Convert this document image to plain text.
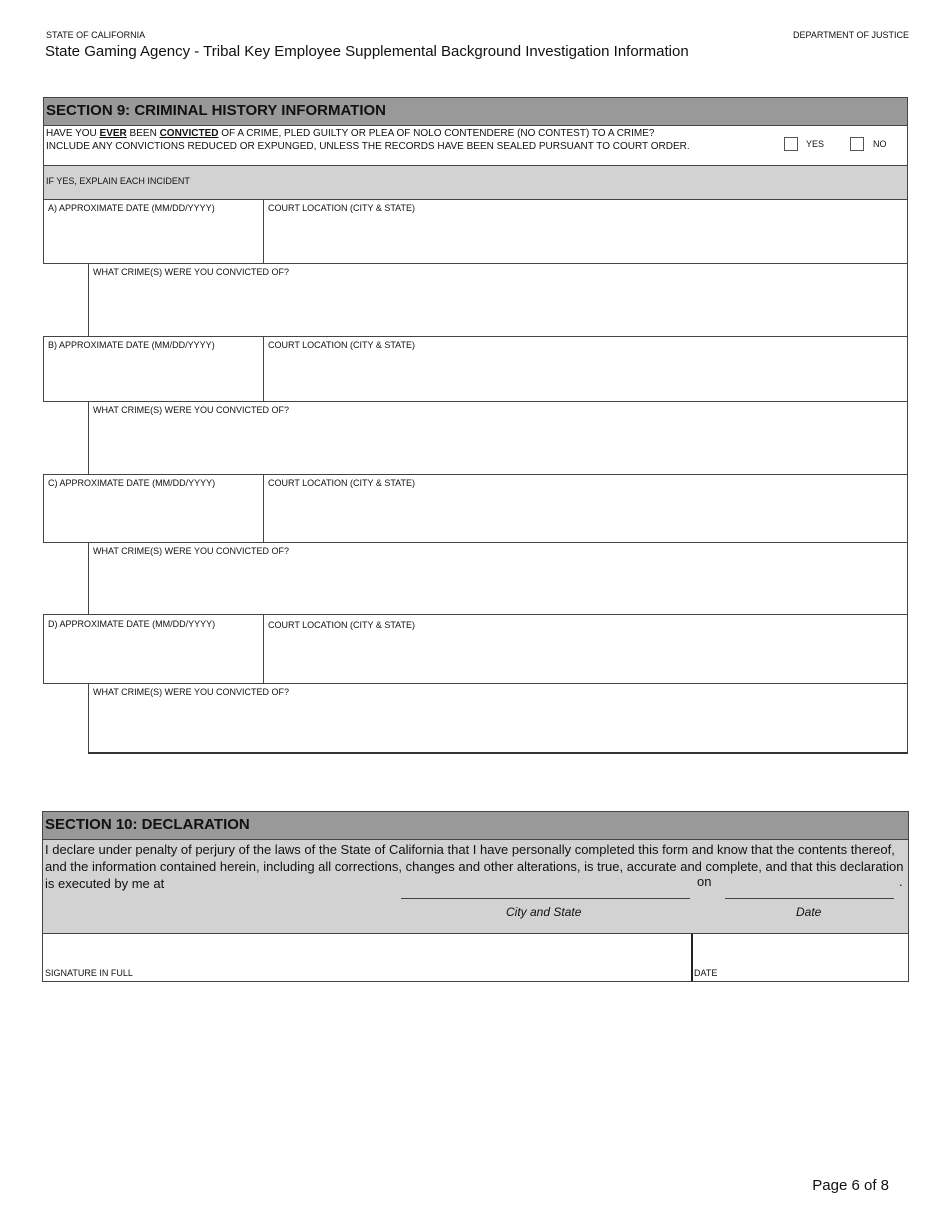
STATE OF CALIFORNIA	DEPARTMENT OF JUSTICE
State Gaming Agency - Tribal Key Employee Supplemental Background Investigation Information
SECTION 9: CRIMINAL HISTORY INFORMATION
HAVE YOU EVER BEEN CONVICTED OF A CRIME, PLED GUILTY OR PLEA OF NOLO CONTENDERE (NO CONTEST) TO A CRIME?
INCLUDE ANY CONVICTIONS REDUCED OR EXPUNGED, UNLESS THE RECORDS HAVE BEEN SEALED PURSUANT TO COURT ORDER.	YES	NO
IF YES, EXPLAIN EACH INCIDENT
A) APPROXIMATE DATE (MM/DD/YYYY)	COURT LOCATION (CITY & STATE)
WHAT CRIME(S) WERE YOU CONVICTED OF?
B) APPROXIMATE DATE (MM/DD/YYYY)	COURT LOCATION (CITY & STATE)
WHAT CRIME(S) WERE YOU CONVICTED OF?
C) APPROXIMATE DATE (MM/DD/YYYY)	COURT LOCATION (CITY & STATE)
WHAT CRIME(S) WERE YOU CONVICTED OF?
D) APPROXIMATE DATE (MM/DD/YYYY)	COURT LOCATION (CITY & STATE)
WHAT CRIME(S) WERE YOU CONVICTED OF?
SECTION 10: DECLARATION
I declare under penalty of perjury of the laws of the State of California that I have personally completed this form and know that the contents thereof, and the information contained herein, including all corrections, changes and other alterations, is true, accurate and complete, and that this declaration is executed by me at	on	.
City and State	Date
SIGNATURE IN FULL	DATE
Page 6 of 8
